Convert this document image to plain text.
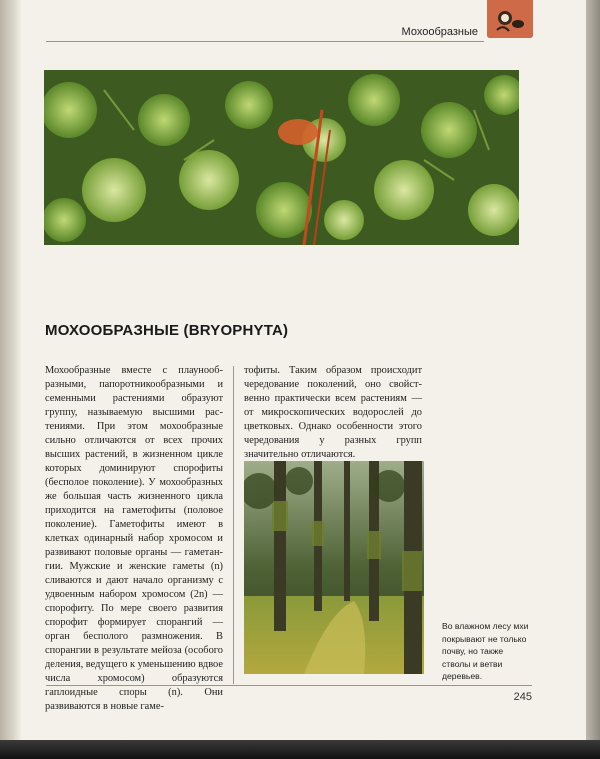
Мохообразные
МОХООБРАЗНЫЕ (BRYOPHYTA)
Мохообразные вместе с плаунообразными, папоротникообразными и семенными растениями образуют группу, называемую высшими растениями. При этом мохообразные сильно отличаются от всех прочих высших растений, в жизненном цикле которых доминируют спорофиты (бесполое поколение). У мохообразных же большая часть жизненного цикла приходится на гаметофиты (половое поколение). Гаметофиты имеют в клетках одинарный набор хромосом и развивают половые органы — гаметангии. Мужские и женские гаметы (n) сливаются и дают начало организму с удвоенным набором хромосом (2n) — спорофиту. По мере своего развития спорофит формирует спорангий — орган бесполого размножения. В спорангии в результате мейоза (особого деления, ведущего к уменьшению вдвое числа хромосом) образуются гаплоидные споры (n). Они развиваются в новые гаме-
тофиты. Таким образом происходит чередование поколений, оно свойственно практически всем растениям — от микроскопических водорослей до цветковых. Однако особенности этого чередования у разных групп значительно отличаются.
Во влажном лесу мхи покрывают не только почву, но также стволы и ветви деревьев.
245
